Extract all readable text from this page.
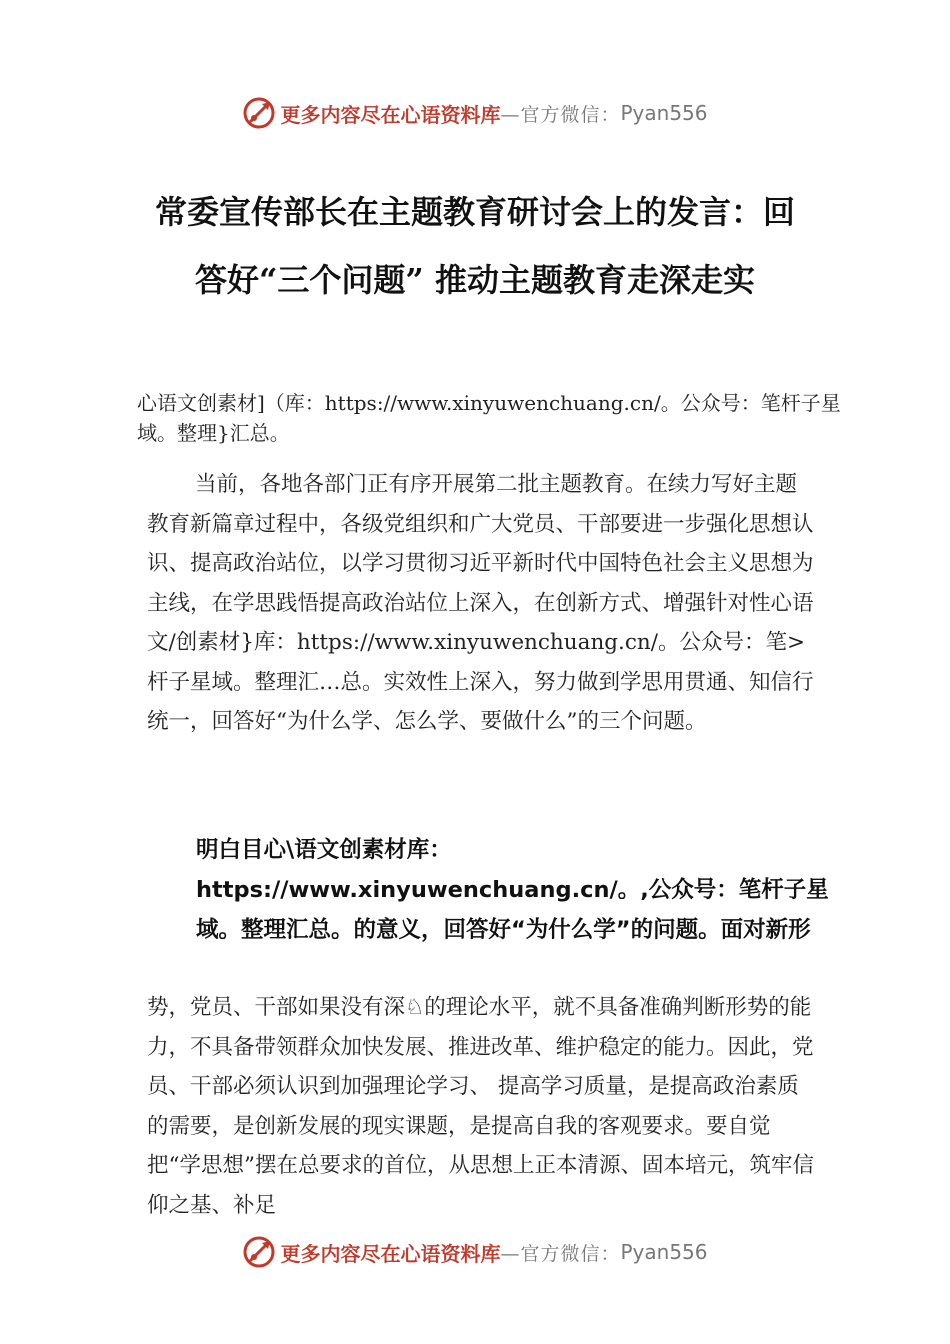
更多内容尽在心语资料库 —官方微信： Pyan556
常委宣传部长在主题教育研讨会上的发言：回答好“三个问题” 推动主题教育走深走实
心语文创素材]（库：https://www.xinyuwenchuang.cn/。公众号：笔杆子星域。整理}汇总。

当前，各地各部门正有序开展第二批主题教育。在续力写好主题教育新篇章过程中，各级党组织和广大党员、干部要进一步强化思想认识、提高政治站位，以学习贯彻习近平新时代中国特色社会主义思想为主线，在学思践悟提高政治站位上深入，在创新方式、增强针对性心语文/创素材}库：https://www.xinyuwenchuang.cn/。公众号：笔>杆子星域。整理汇…总。实效性上深入，努力做到学思用贯通、知信行统一，回答好“为什么学、怎么学、要做什么”的三个问题。

明白目心\语文创素材库：https://www.xinyuwenchuang.cn/。,公众号：笔杆子星域。整理汇总。的意义，回答好“为什么学”的问题。面对新形

势，党员、干部如果没有深♘的理论水平，就不具备准确判断形势的能力，不具备带领群众加快发展、推进改革、维护稳定的能力。因此，党员、干部必须认识到加强理论学习、 提高学习质量，是提高政治素质的需要，是创新发展的现实课题，是提高自我的客观要求。要自觉把“学思想”摆在总要求的首位，从思想上正本清源、固本培元，筑牢信仰之基、补足

更多内容尽在心语资料库 —官方微信： Pyan556
